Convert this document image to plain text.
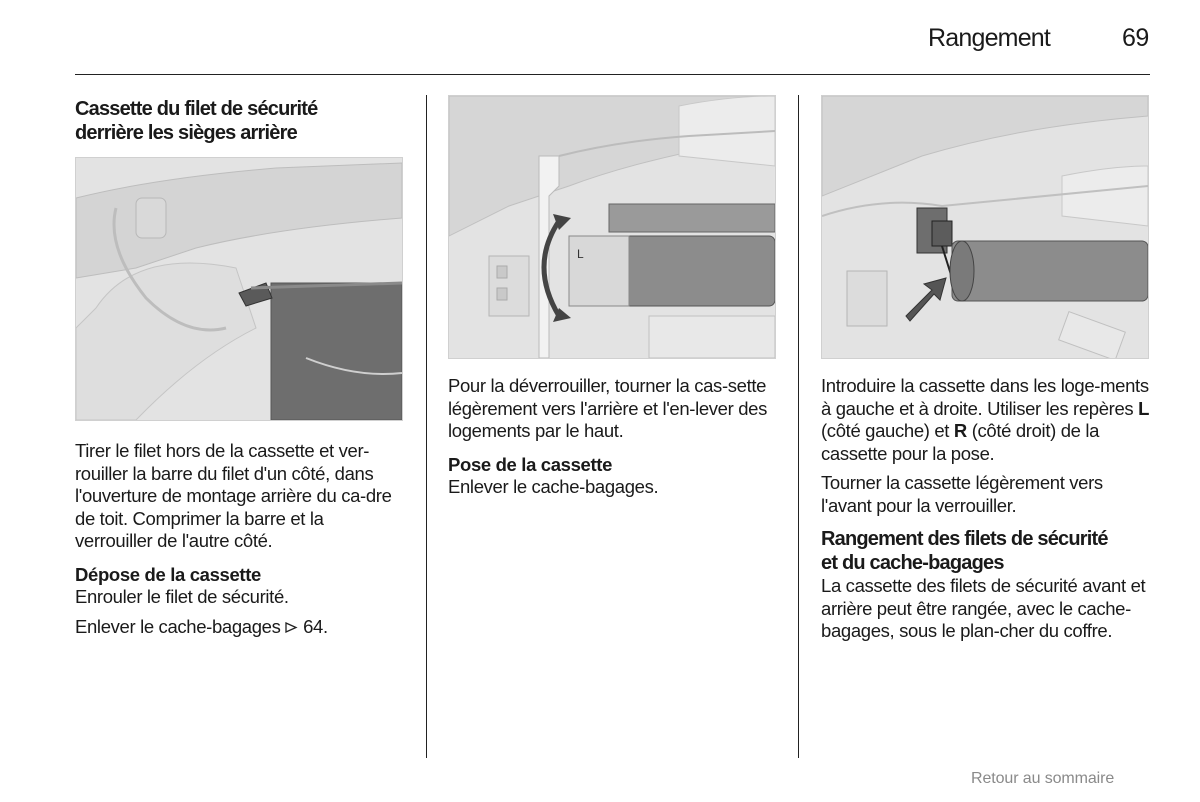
Rangement	69
Cassette du filet de sécurité
derrière les sièges arrière

Tirer le filet hors de la cassette et ver-rouiller la barre du filet d'un côté, dans l'ouverture de montage arrière du ca-dre de toit. Comprimer la barre et la verrouiller de l'autre côté.

Dépose de la cassette

Enrouler le filet de sécurité.

Enlever le cache-bagages 64.

L

Pour la déverrouiller, tourner la cas-sette légèrement vers l'arrière et l'en-lever des logements par le haut.

Pose de la cassette

Enlever le cache-bagages.

Introduire la cassette dans les loge-ments à gauche et à droite. Utiliser les repères L (côté gauche) et R (côté droit) de la cassette pour la pose.

Tourner la cassette légèrement vers l'avant pour la verrouiller.

Rangement des filets de sécurité
et du cache-bagages

La cassette des filets de sécurité avant et arrière peut être rangée, avec le cache-bagages, sous le plan-cher du coffre.

Retour au sommaire
